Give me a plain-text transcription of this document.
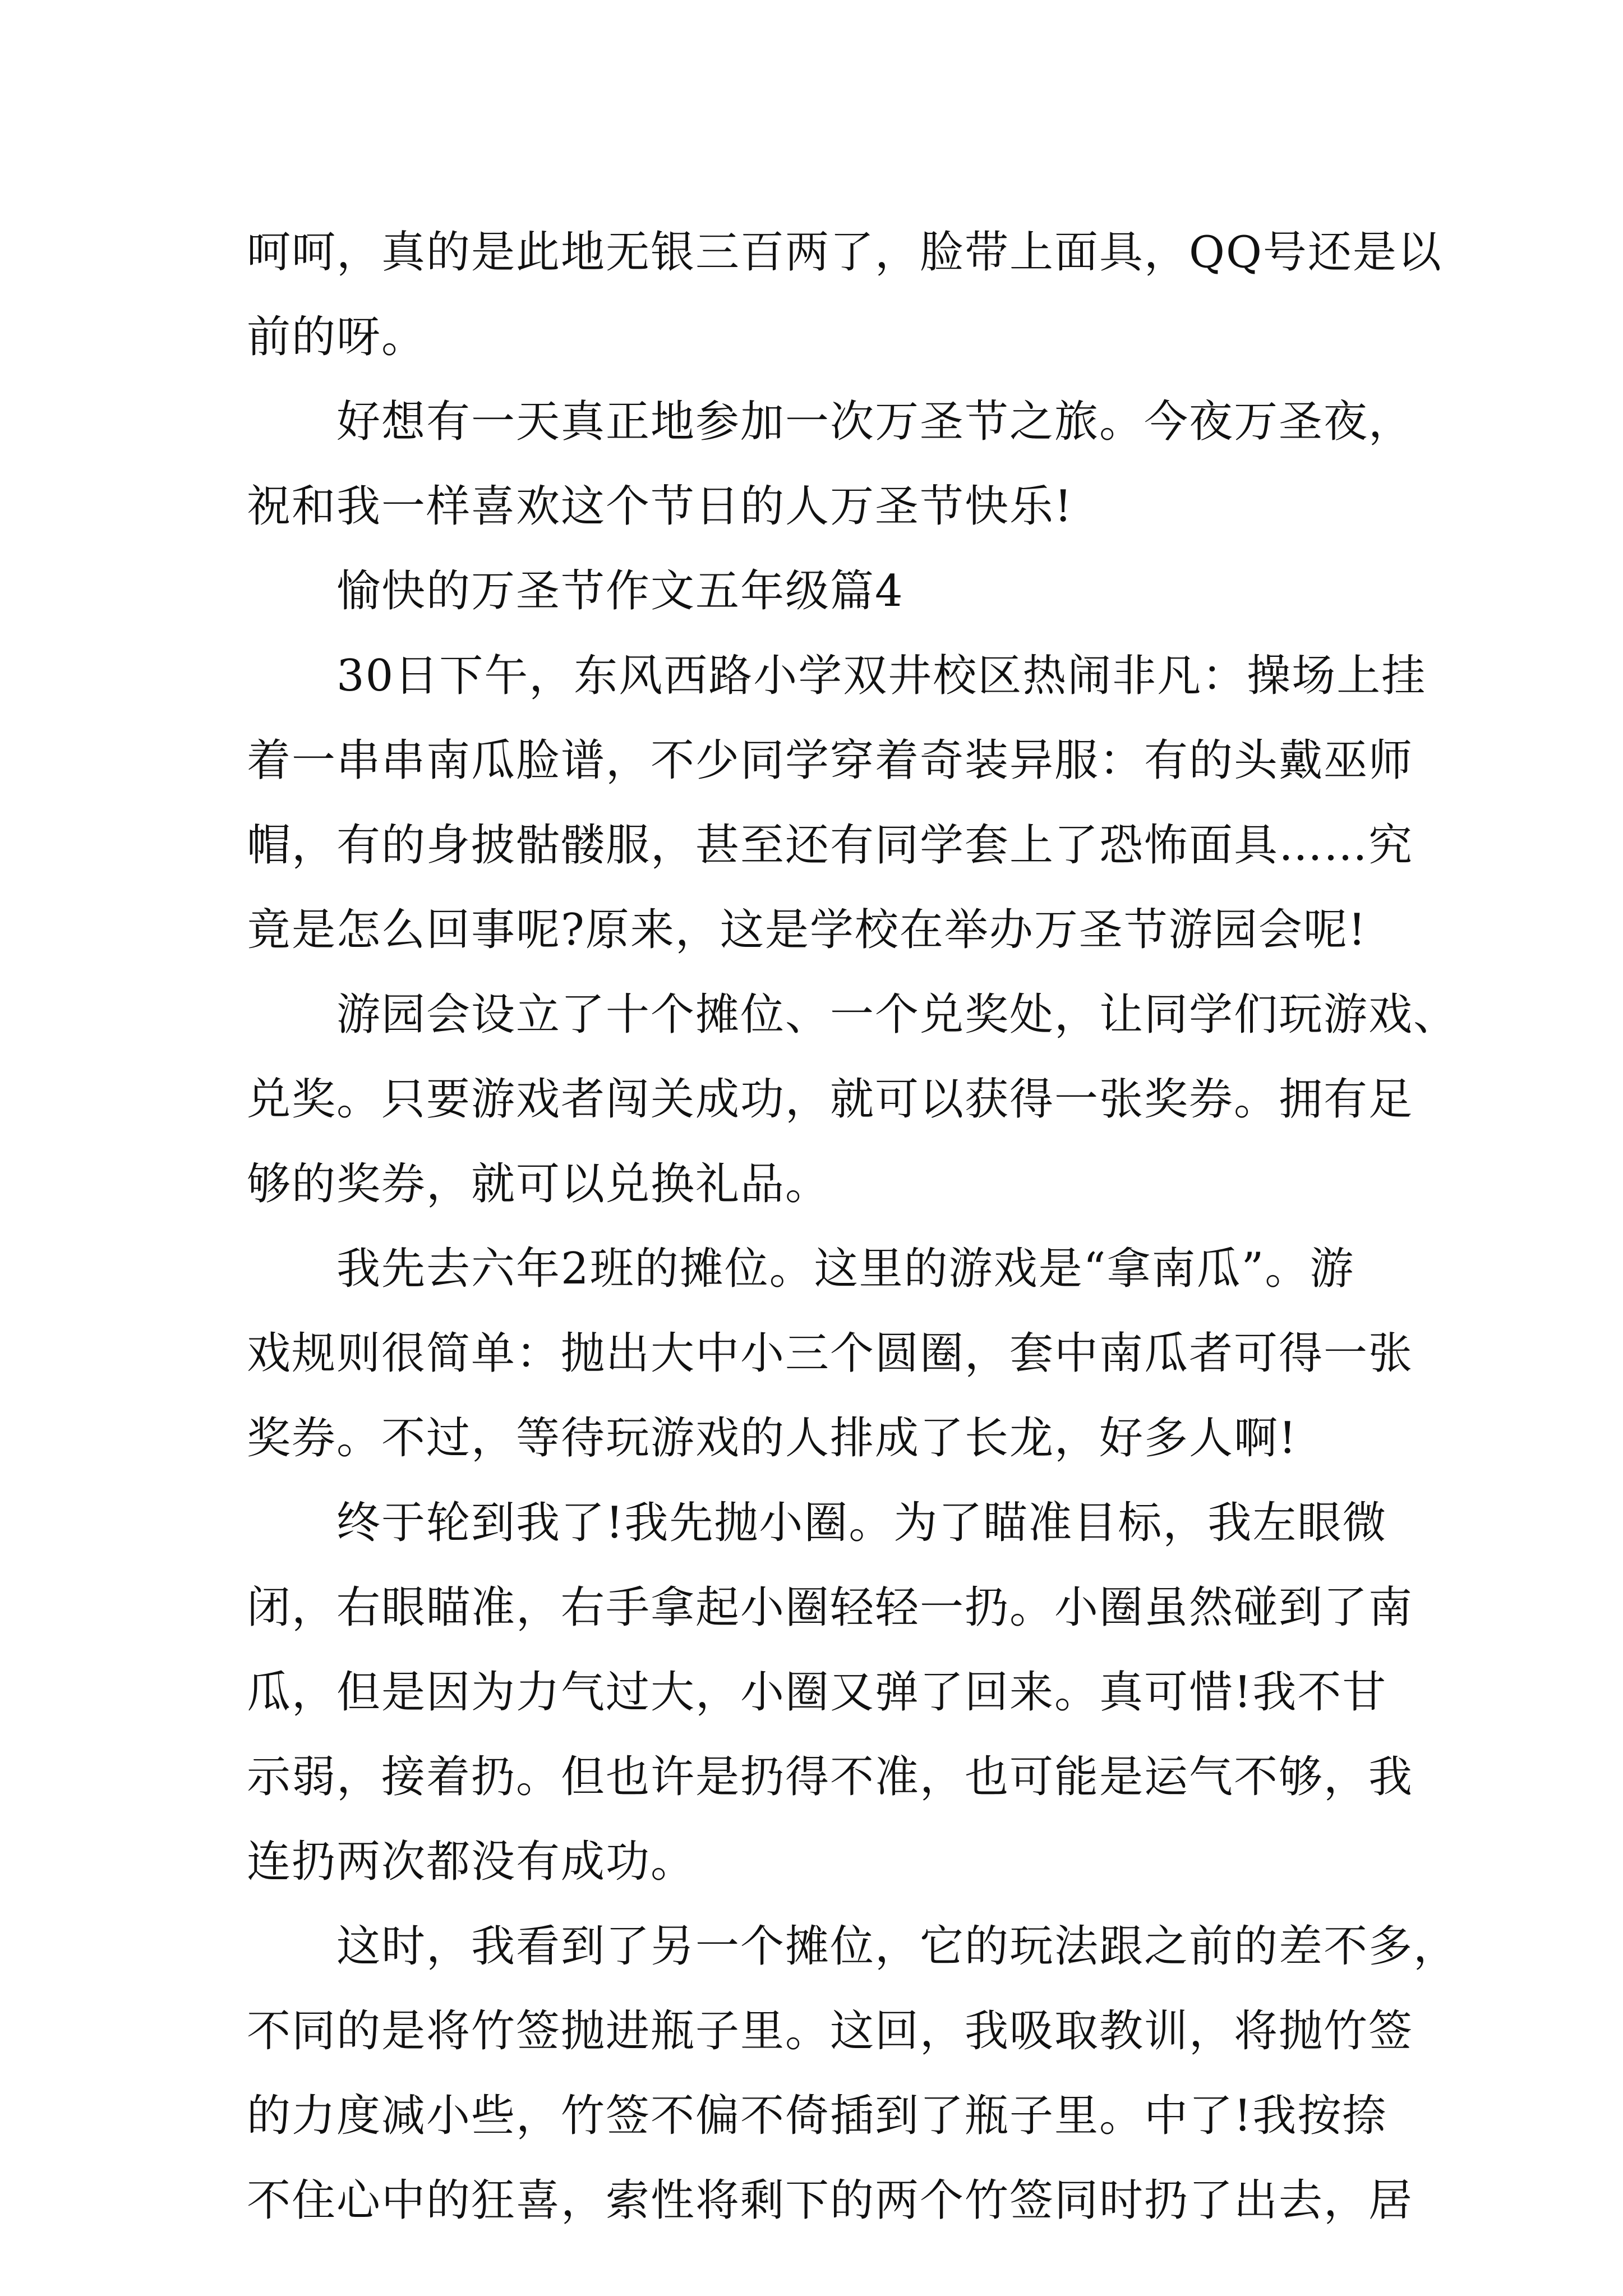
呵呵，真的是此地无银三百两了，脸带上面具，QQ号还是以
前的呀。

好想有一天真正地参加一次万圣节之旅。今夜万圣夜，
祝和我一样喜欢这个节日的人万圣节快乐!

愉快的万圣节作文五年级篇4

30日下午，东风西路小学双井校区热闹非凡：操场上挂
着一串串南瓜脸谱，不少同学穿着奇装异服：有的头戴巫师
帽，有的身披骷髅服，甚至还有同学套上了恐怖面具……究
竟是怎么回事呢?原来，这是学校在举办万圣节游园会呢!

游园会设立了十个摊位、一个兑奖处，让同学们玩游戏、
兑奖。只要游戏者闯关成功，就可以获得一张奖券。拥有足
够的奖券，就可以兑换礼品。

我先去六年2班的摊位。这里的游戏是“拿南瓜”。游
戏规则很简单：抛出大中小三个圆圈，套中南瓜者可得一张
奖券。不过，等待玩游戏的人排成了长龙，好多人啊!

终于轮到我了!我先抛小圈。为了瞄准目标，我左眼微
闭，右眼瞄准，右手拿起小圈轻轻一扔。小圈虽然碰到了南
瓜，但是因为力气过大，小圈又弹了回来。真可惜!我不甘
示弱，接着扔。但也许是扔得不准，也可能是运气不够，我
连扔两次都没有成功。

这时，我看到了另一个摊位，它的玩法跟之前的差不多，
不同的是将竹签抛进瓶子里。这回，我吸取教训，将抛竹签
的力度减小些，竹签不偏不倚插到了瓶子里。中了!我按捺
不住心中的狂喜，索性将剩下的两个竹签同时扔了出去，居
